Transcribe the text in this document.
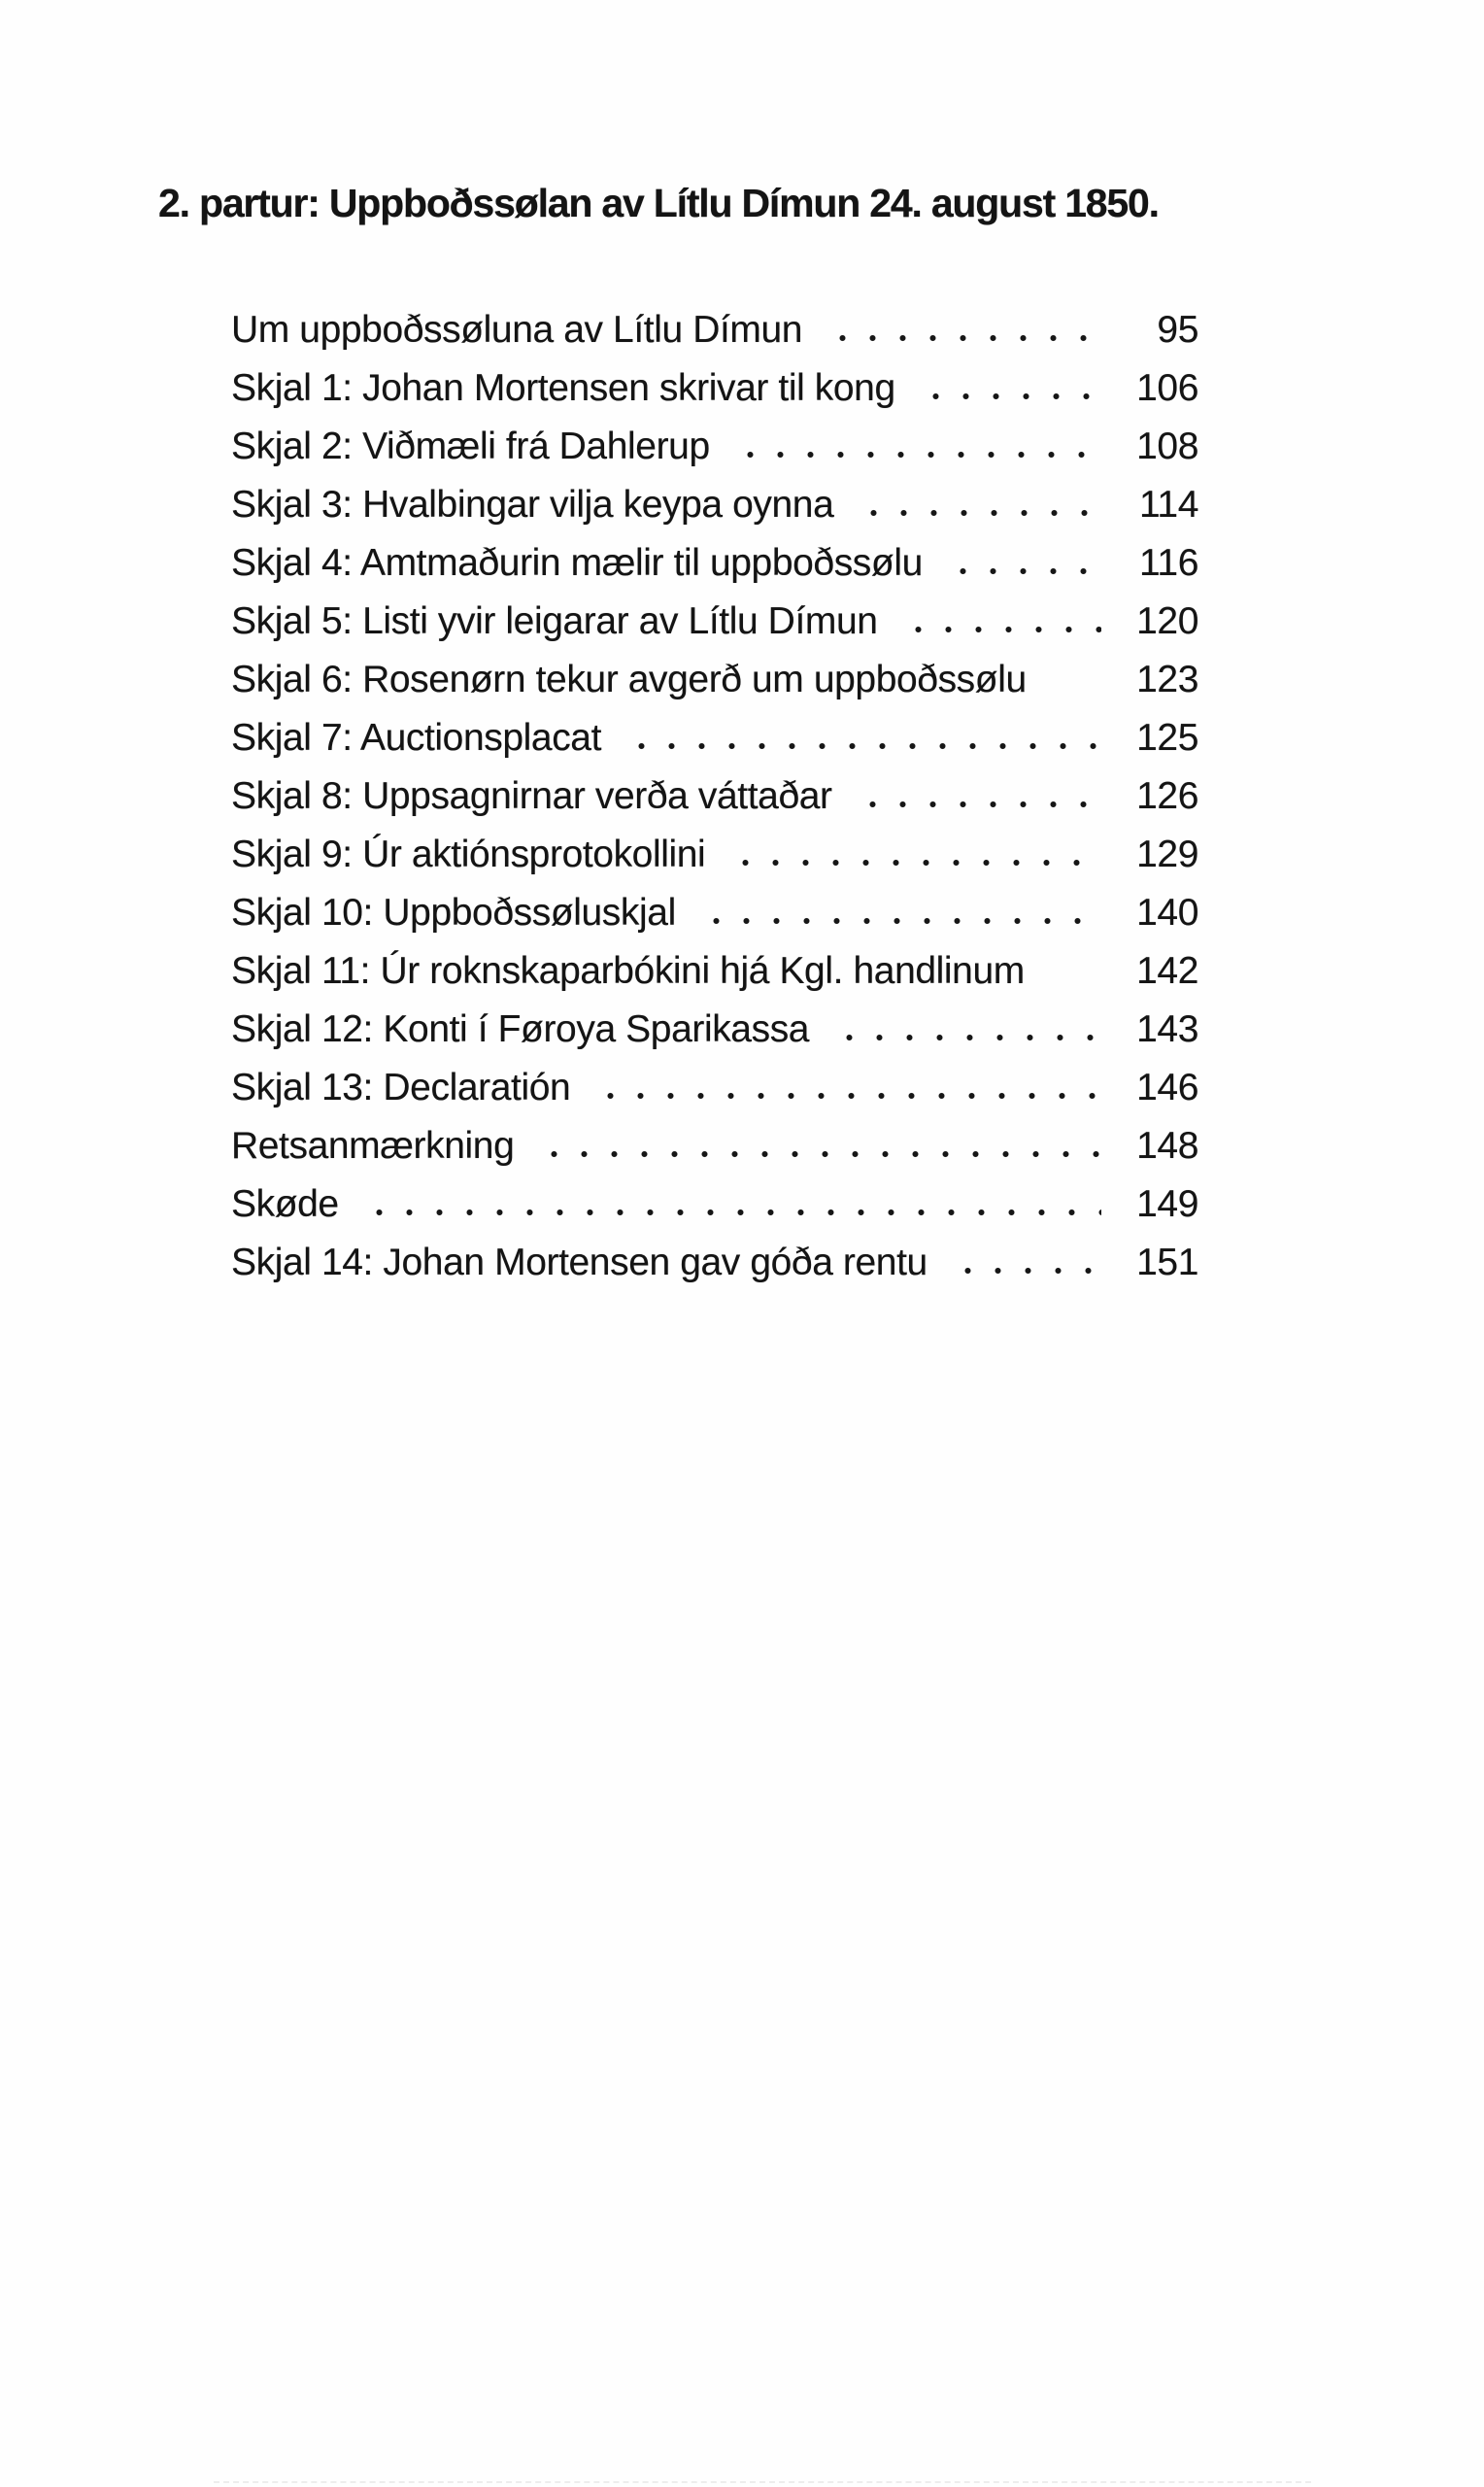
2. partur: Uppboðssølan av Lítlu Dímun 24. august 1850.
Um uppboðssøluna av Lítlu Dímun	95
Skjal 1: Johan Mortensen skrivar til kong	106
Skjal 2: Viðmæli frá Dahlerup	108
Skjal 3: Hvalbingar vilja keypa oynna	114
Skjal 4: Amtmaðurin mælir til uppboðssølu	116
Skjal 5: Listi yvir leigarar av Lítlu Dímun	120
Skjal 6: Rosenørn tekur avgerð um uppboðssølu	123
Skjal 7: Auctionsplacat	125
Skjal 8: Uppsagnirnar verða váttaðar	126
Skjal 9: Úr aktiónsprotokollini	129
Skjal 10: Uppboðssøluskjal	140
Skjal 11: Úr roknskaparbókini hjá Kgl. handlinum	142
Skjal 12: Konti í Føroya Sparikassa	143
Skjal 13: Declaratión	146
Retsanmærkning	148
Skøde	149
Skjal 14: Johan Mortensen gav góða rentu	151
